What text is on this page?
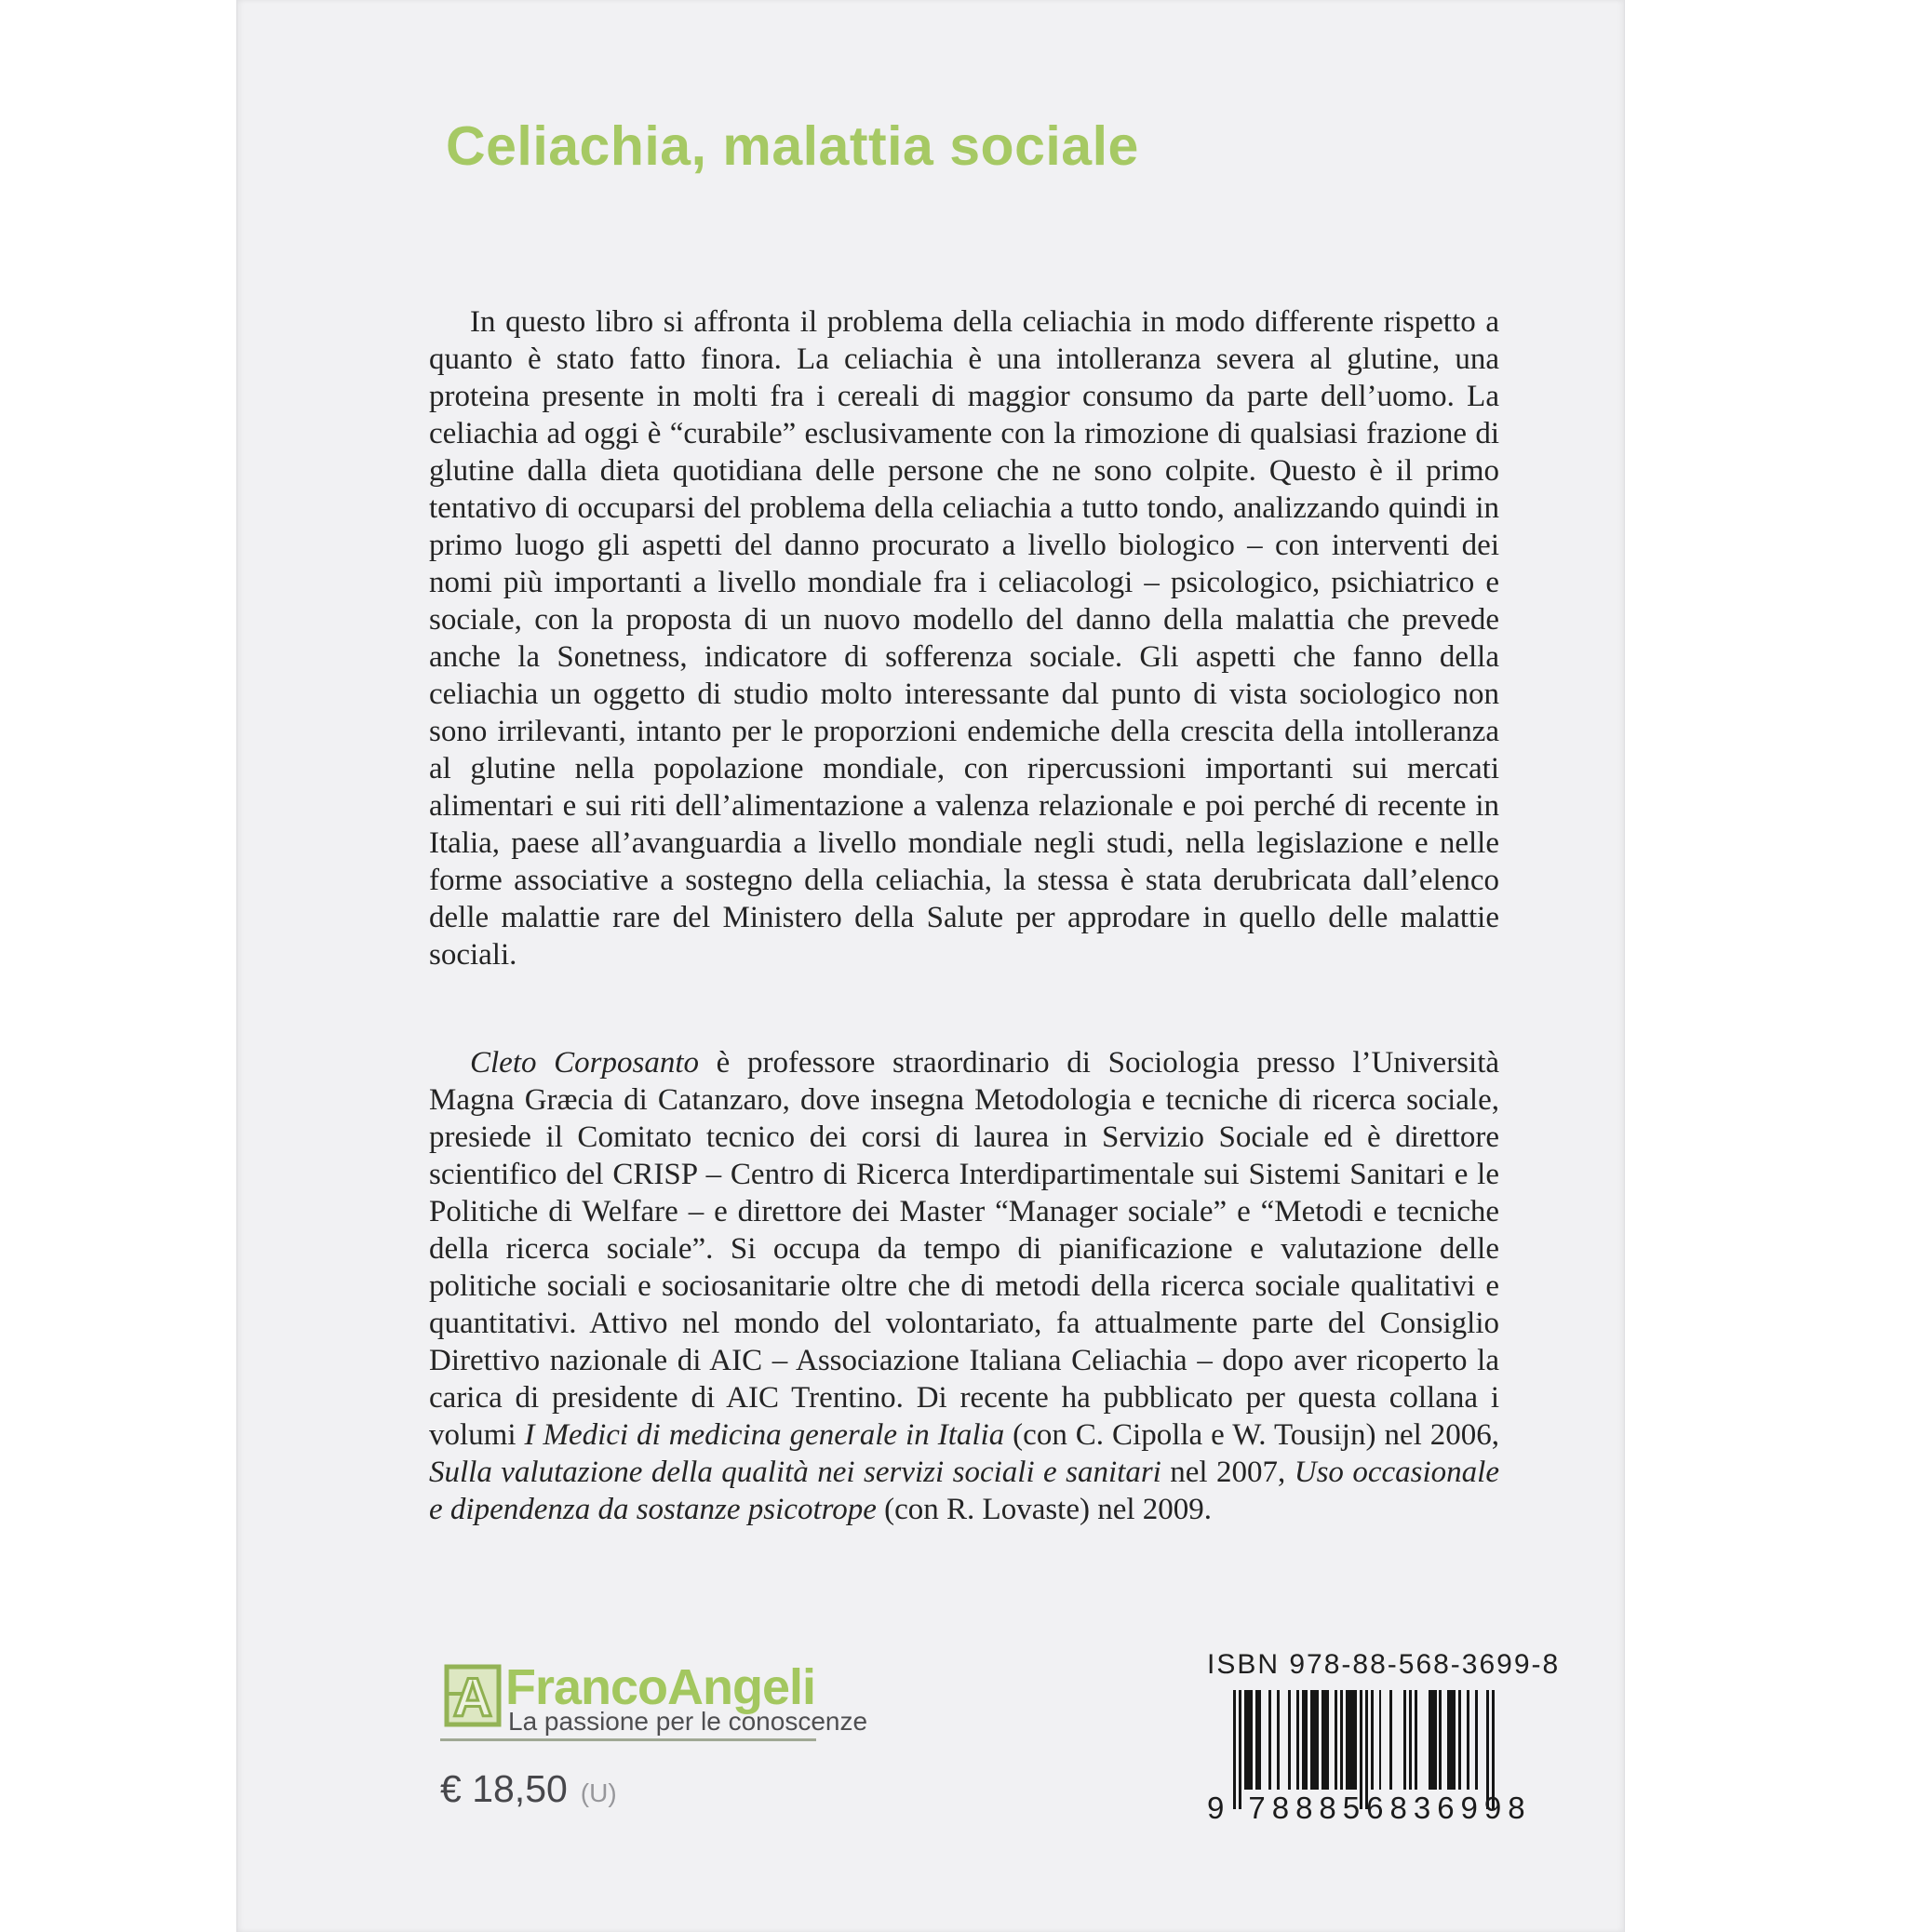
Celiachia, malattia sociale

In questo libro si affronta il problema della celiachia in modo differente rispetto a quanto è stato fatto finora. La celiachia è una intolleranza severa al glutine, una proteina presente in molti fra i cereali di maggior consumo da parte dell’uomo. La celiachia ad oggi è “curabile” esclusivamente con la rimozione di qualsiasi frazione di glutine dalla dieta quotidiana delle persone che ne sono colpite. Questo è il primo tentativo di occuparsi del problema della celiachia a tutto tondo, analizzando quindi in primo luogo gli aspetti del danno procurato a livello biologico – con interventi dei nomi più importanti a livello mondiale fra i celiacologi – psicologico, psichiatrico e sociale, con la proposta di un nuovo modello del danno della malattia che prevede anche la Sonetness, indicatore di sofferenza sociale. Gli aspetti che fanno della celiachia un oggetto di studio molto interessante dal punto di vista sociologico non sono irrilevanti, intanto per le proporzioni endemiche della crescita della intolleranza al glutine nella popolazione mondiale, con ripercussioni importanti sui mercati alimentari e sui riti dell’alimentazione a valenza relazionale e poi perché di recente in Italia, paese all’avanguardia a livello mondiale negli studi, nella legislazione e nelle forme associative a sostegno della celiachia, la stessa è stata derubricata dall’elenco delle malattie rare del Ministero della Salute per approdare in quello delle malattie sociali.

Cleto Corposanto è professore straordinario di Sociologia presso l’Università Magna Græcia di Catanzaro, dove insegna Metodologia e tecniche di ricerca sociale, presiede il Comitato tecnico dei corsi di laurea in Servizio Sociale ed è direttore scientifico del CRISP – Centro di Ricerca Interdipartimentale sui Sistemi Sanitari e le Politiche di Welfare – e direttore dei Master “Manager sociale” e “Metodi e tecniche della ricerca sociale”. Si occupa da tempo di pianificazione e valutazione delle politiche sociali e sociosanitarie oltre che di metodi della ricerca sociale qualitativi e quantitativi. Attivo nel mondo del volontariato, fa attualmente parte del Consiglio Direttivo nazionale di AIC – Associazione Italiana Celiachia – dopo aver ricoperto la carica di presidente di AIC Trentino. Di recente ha pubblicato per questa collana i volumi I Medici di medicina generale in Italia (con C. Cipolla e W. Tousijn) nel 2006, Sulla valutazione della qualità nei servizi sociali e sanitari nel 2007, Uso occasionale e dipendenza da sostanze psicotrope (con R. Lovaste) nel 2009.

A FrancoAngeli
La passione per le conoscenze
€ 18,50 (U)
ISBN 978-88-568-3699-8
9 788856 836998
